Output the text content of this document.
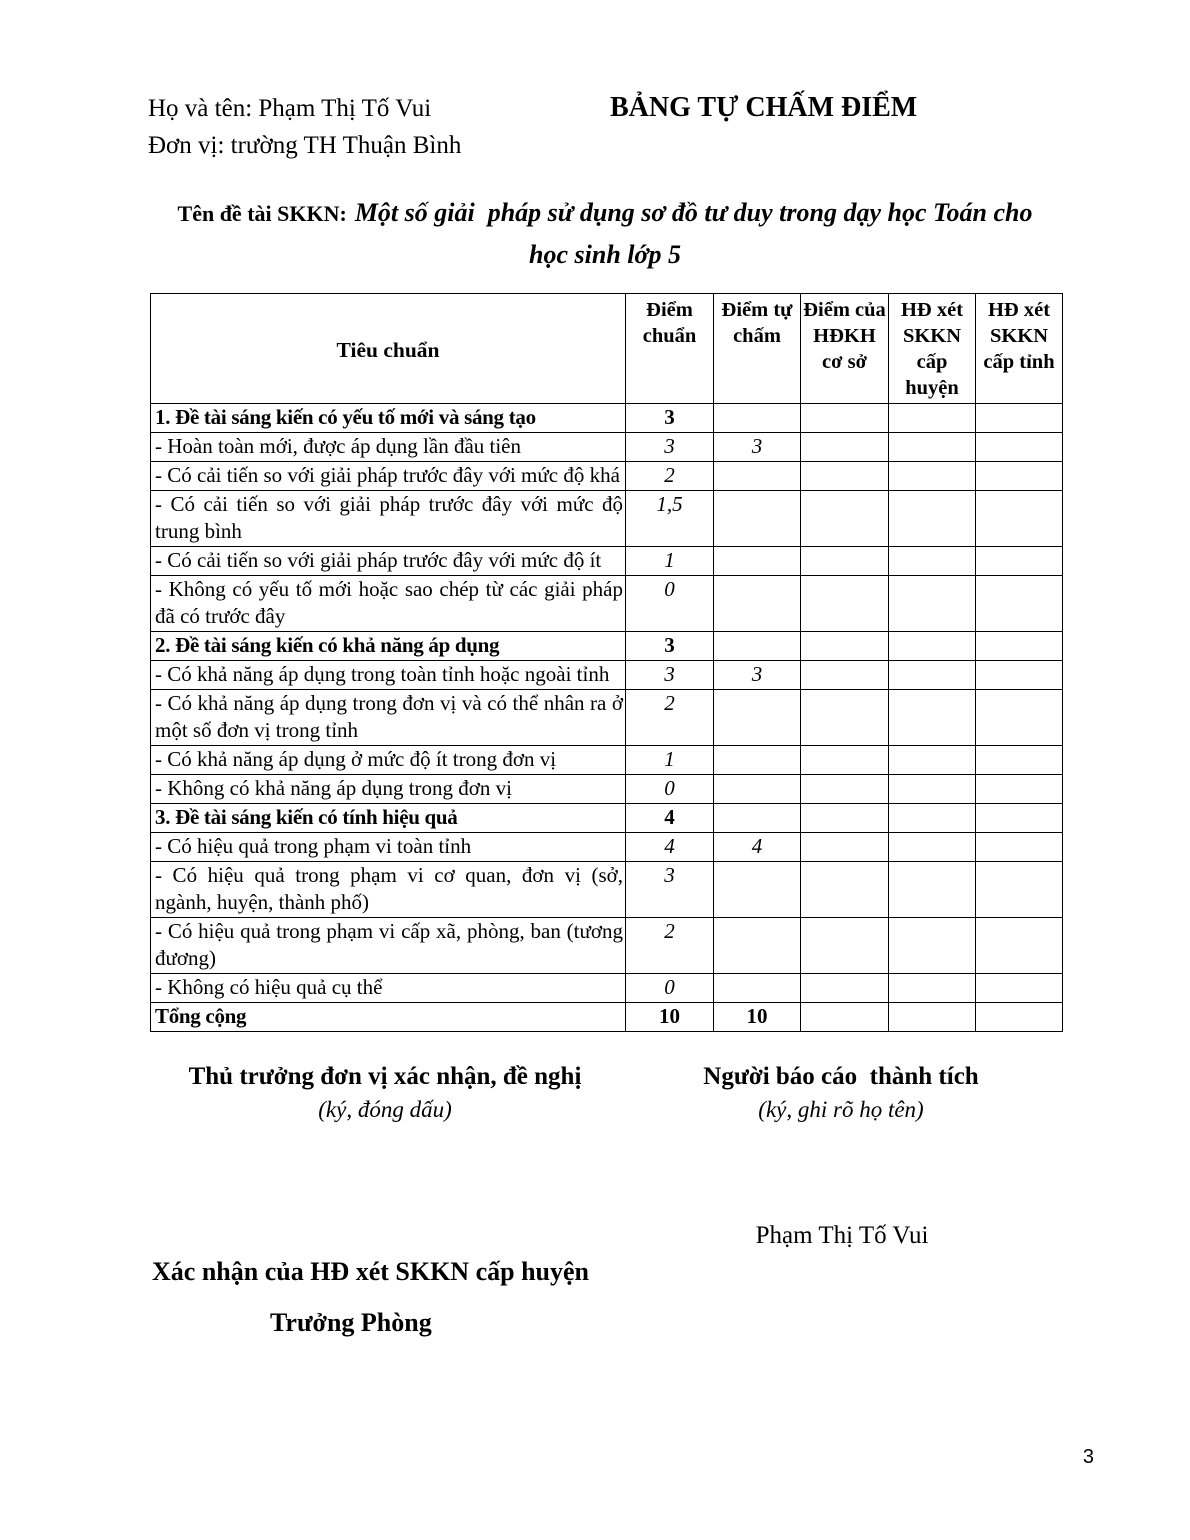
Họ và tên: Phạm Thị Tố Vui	BẢNG TỰ CHẤM ĐIỂM
Đơn vị: trường TH Thuận Bình
Tên đề tài SKKN: Một số giải  pháp sử dụng sơ đồ tư duy trong dạy học Toán cho
học sinh lớp 5
Tiêu chuẩn	Điểm chuẩn	Điểm tự chấm	Điểm của HĐKH cơ sở	HĐ xét SKKN cấp huyện	HĐ xét SKKN cấp tỉnh
1. Đề tài sáng kiến có yếu tố mới và sáng tạo	3				
- Hoàn toàn mới, được áp dụng lần đầu tiên	3	3			
- Có cải tiến so với giải pháp trước đây với mức độ khá	2				
- Có cải tiến so với giải pháp trước đây với mức độ trung bình	1,5				
- Có cải tiến so với giải pháp trước đây với mức độ ít	1				
- Không có yếu tố mới hoặc sao chép từ các giải pháp đã có trước đây	0				
2. Đề tài sáng kiến có khả năng áp dụng	3				
- Có khả năng áp dụng trong toàn tỉnh hoặc ngoài tỉnh	3	3			
- Có khả năng áp dụng trong đơn vị và có thể nhân ra ở một số đơn vị trong tỉnh	2				
- Có khả năng áp dụng ở mức độ ít trong đơn vị	1				
- Không có khả năng áp dụng trong đơn vị	0				
3. Đề tài sáng kiến có tính hiệu quả	4				
- Có hiệu quả trong phạm vi toàn tỉnh	4	4			
- Có hiệu quả trong phạm vi cơ quan, đơn vị (sở, ngành, huyện, thành phố)	3				
- Có hiệu quả trong phạm vi cấp xã, phòng, ban (tương đương)	2				
- Không có hiệu quả cụ thể	0				
Tổng cộng	10	10			
Thủ trưởng đơn vị xác nhận, đề nghị
(ký, đóng dấu)
Người báo cáo  thành tích
(ký, ghi rõ họ tên)
Phạm Thị Tố Vui
Xác nhận của HĐ xét SKKN cấp huyện
Trưởng Phòng
3
